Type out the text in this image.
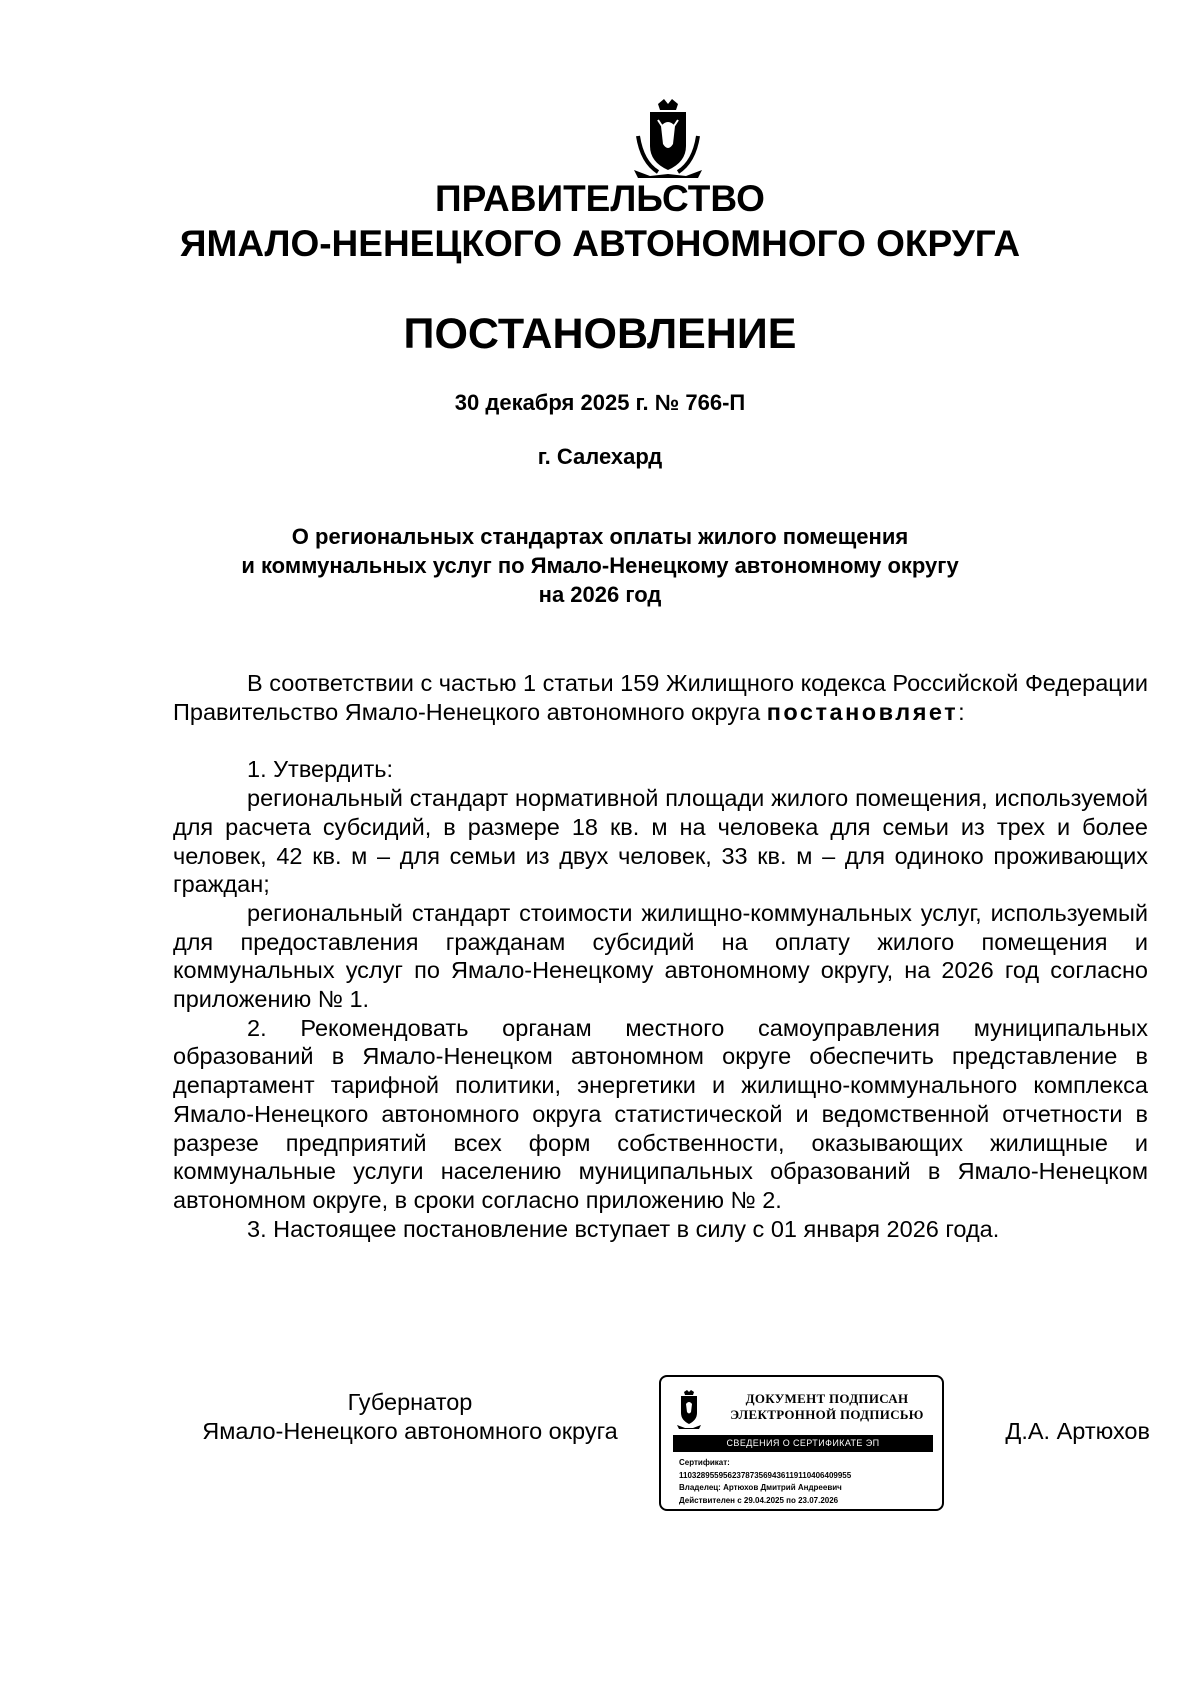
ПРАВИТЕЛЬСТВО
ЯМАЛО-НЕНЕЦКОГО АВТОНОМНОГО ОКРУГА
ПОСТАНОВЛЕНИЕ
30 декабря 2025 г. № 766-П
г. Салехард
О региональных стандартах оплаты жилого помещения
и коммунальных услуг по Ямало-Ненецкому автономному округу
на 2026 год

В соответствии с частью 1 статьи 159 Жилищного кодекса Российской Федерации Правительство Ямало-Ненецкого автономного округа постановляет:

1. Утвердить:

региональный стандарт нормативной площади жилого помещения, используемой для расчета субсидий, в размере 18 кв. м на человека для семьи из трех и более человек, 42 кв. м – для семьи из двух человек, 33 кв. м – для одиноко проживающих граждан;

региональный стандарт стоимости жилищно-коммунальных услуг, используемый для предоставления гражданам субсидий на оплату жилого помещения и коммунальных услуг по Ямало-Ненецкому автономному округу, на 2026 год согласно приложению № 1.

2. Рекомендовать органам местного самоуправления муниципальных образований в Ямало-Ненецком автономном округе обеспечить представление в департамент тарифной политики, энергетики и жилищно-коммунального комплекса Ямало-Ненецкого автономного округа статистической и ведомственной отчетности в разрезе предприятий всех форм собственности, оказывающих жилищные и коммунальные услуги населению муниципальных образований в Ямало-Ненецком автономном округе, в сроки согласно приложению № 2.

3. Настоящее постановление вступает в силу с 01 января 2026 года.

Губернатор
Ямало-Ненецкого автономного округа
ДОКУМЕНТ ПОДПИСАН
ЭЛЕКТРОННОЙ ПОДПИСЬЮ
СВЕДЕНИЯ О СЕРТИФИКАТЕ ЭП
Сертификат:
110328955956237873569436119110406409955
Владелец: Артюхов Дмитрий Андреевич
Действителен с 29.04.2025 по 23.07.2026
Д.А. Артюхов
